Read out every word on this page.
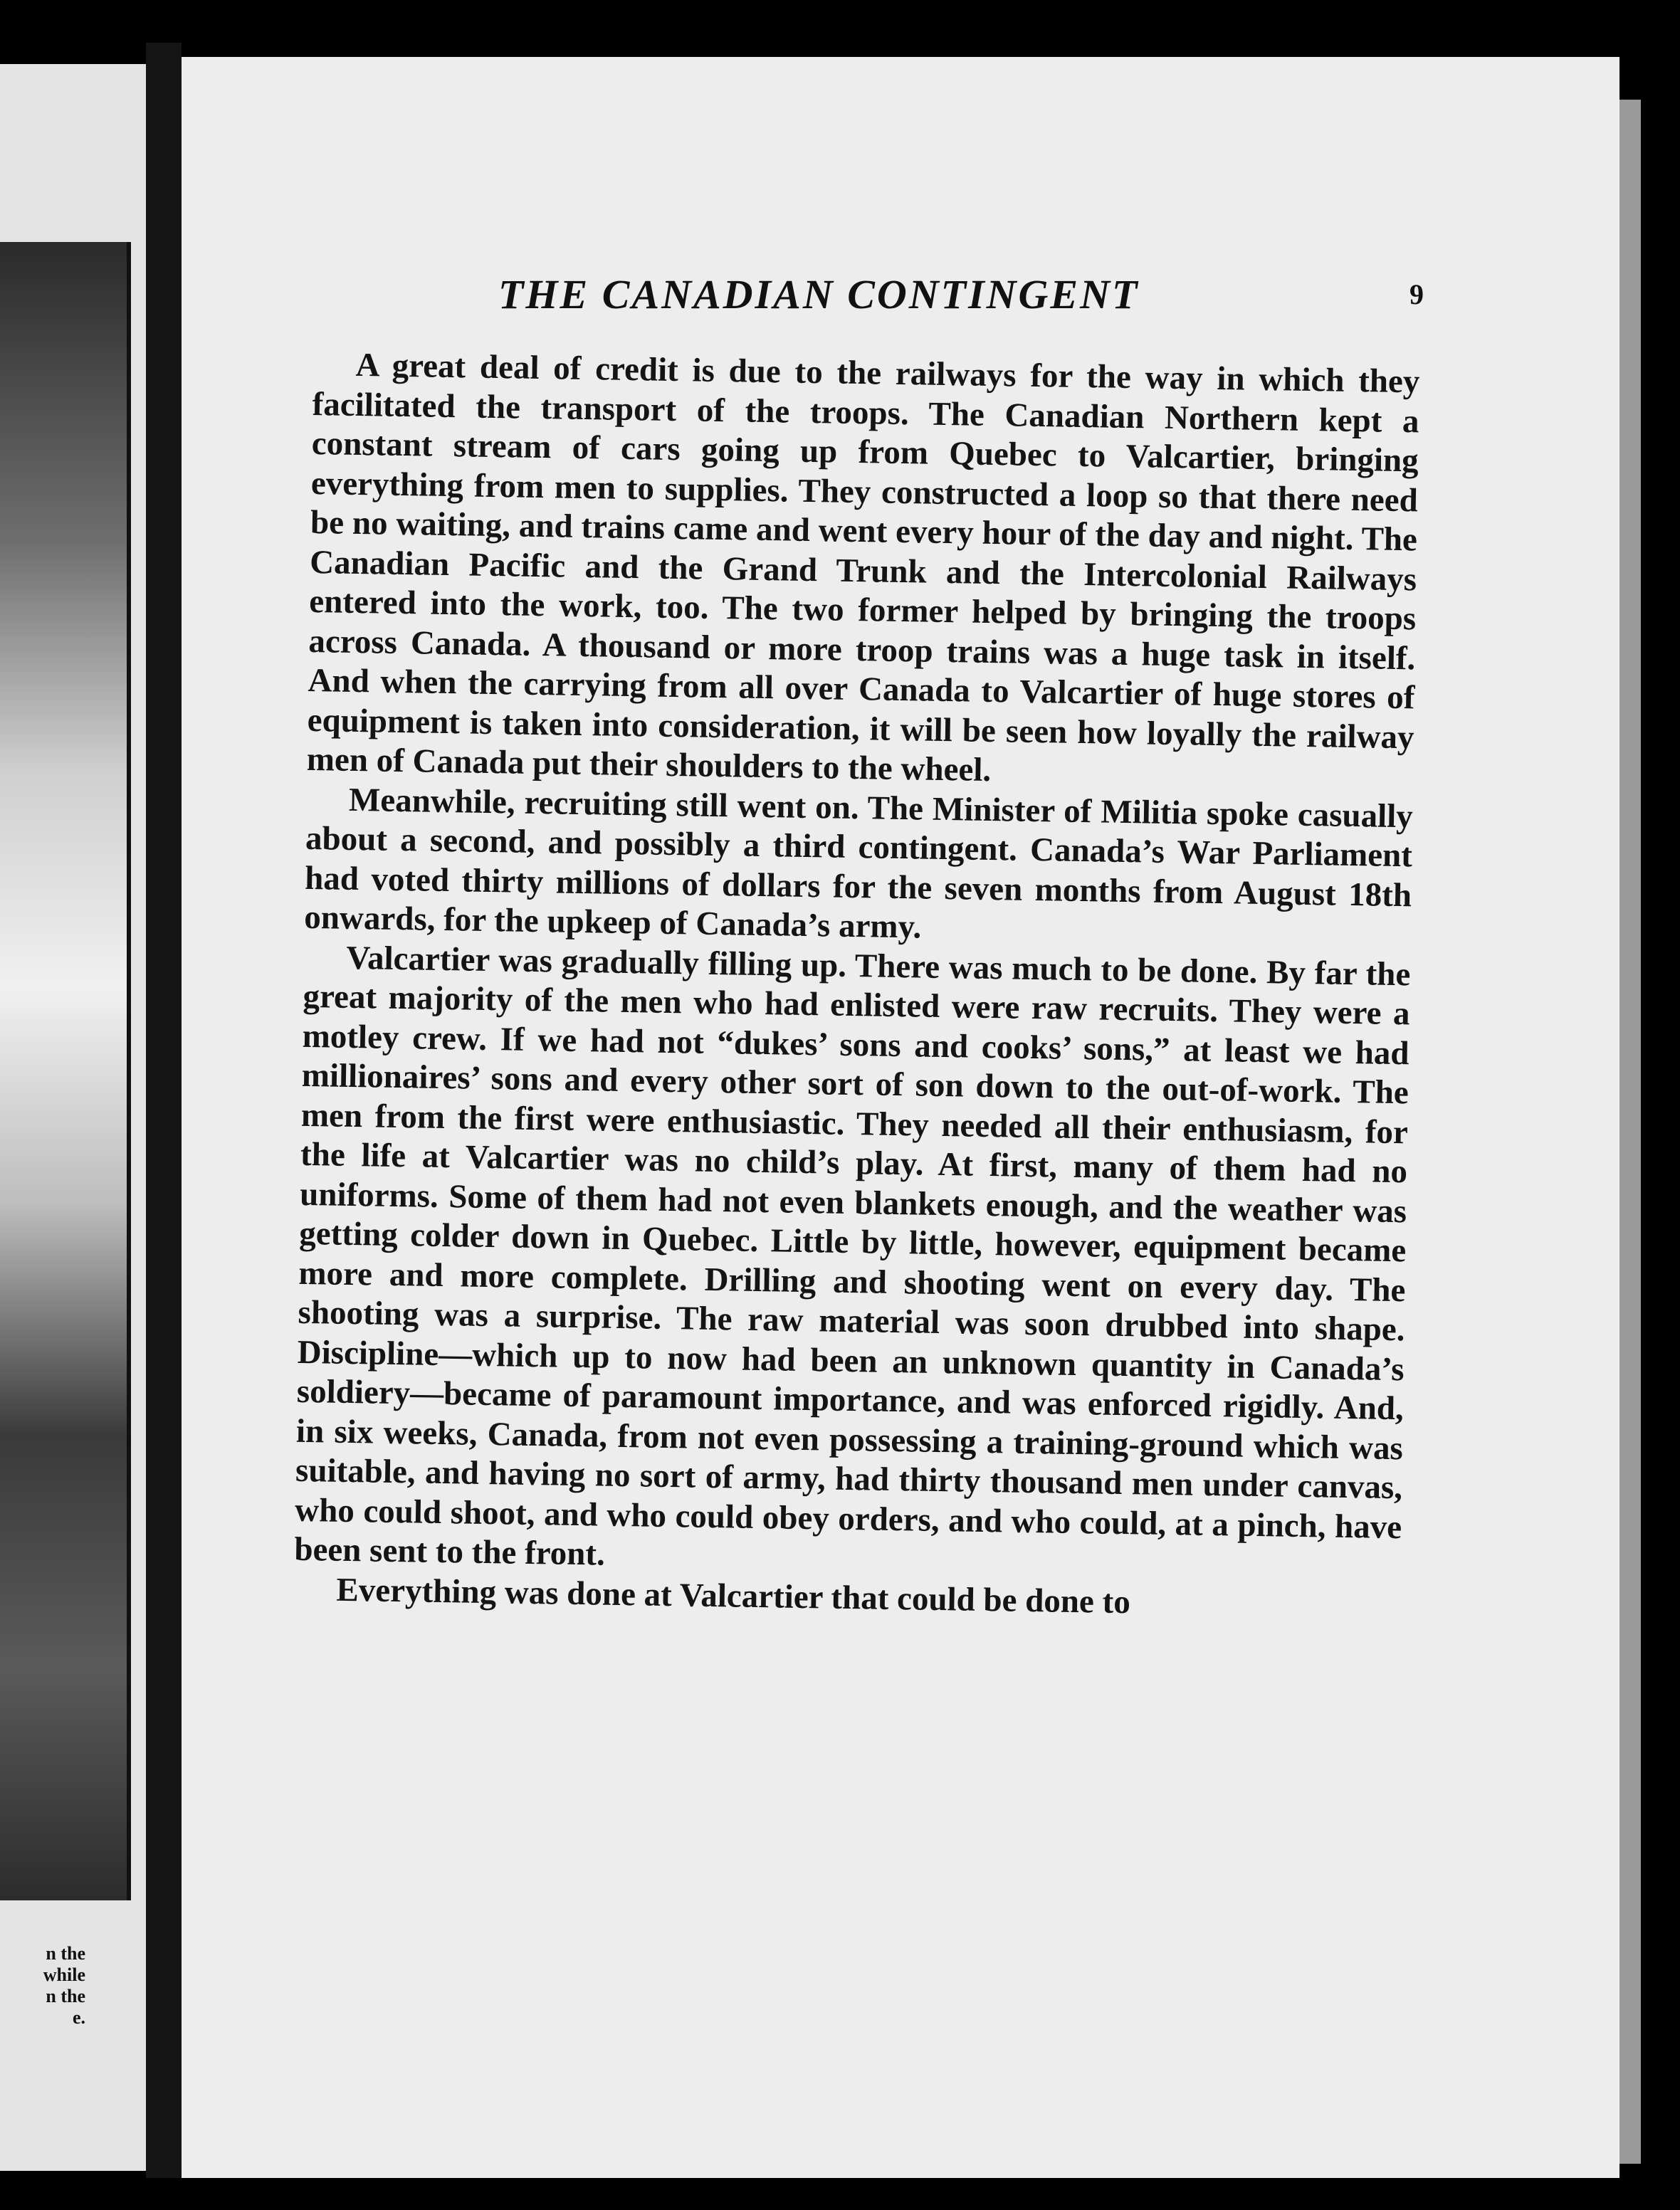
n the
while
n the
e.
THE CANADIAN CONTINGENT	9

A great deal of credit is due to the railways for the way in which they facilitated the transport of the troops. The Canadian Northern kept a constant stream of cars going up from Quebec to Valcartier, bringing everything from men to supplies. They constructed a loop so that there need be no waiting, and trains came and went every hour of the day and night. The Canadian Pacific and the Grand Trunk and the Intercolonial Railways entered into the work, too. The two former helped by bringing the troops across Canada. A thousand or more troop trains was a huge task in itself. And when the carrying from all over Canada to Valcartier of huge stores of equipment is taken into consideration, it will be seen how loyally the railway men of Canada put their shoulders to the wheel.

Meanwhile, recruiting still went on. The Minister of Militia spoke casually about a second, and possibly a third contingent. Canada’s War Parliament had voted thirty millions of dollars for the seven months from August 18th onwards, for the upkeep of Canada’s army.

Valcartier was gradually filling up. There was much to be done. By far the great majority of the men who had enlisted were raw recruits. They were a motley crew. If we had not “dukes’ sons and cooks’ sons,” at least we had millionaires’ sons and every other sort of son down to the out-of-work. The men from the first were enthusiastic. They needed all their enthusiasm, for the life at Valcartier was no child’s play. At first, many of them had no uniforms. Some of them had not even blankets enough, and the weather was getting colder down in Quebec. Little by little, however, equipment became more and more complete. Drilling and shooting went on every day. The shooting was a surprise. The raw material was soon drubbed into shape. Discipline—which up to now had been an unknown quantity in Canada’s soldiery—became of paramount importance, and was enforced rigidly. And, in six weeks, Canada, from not even possessing a training-ground which was suitable, and having no sort of army, had thirty thousand men under canvas, who could shoot, and who could obey orders, and who could, at a pinch, have been sent to the front.

Everything was done at Valcartier that could be done to
